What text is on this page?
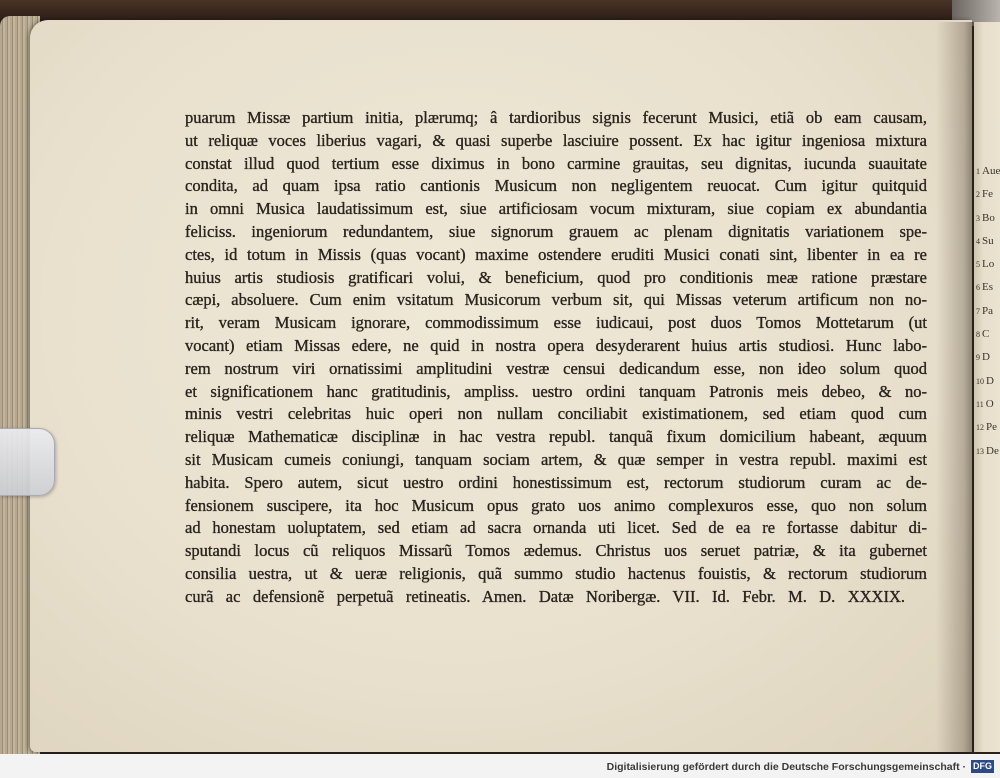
1 Aue
2 Fe
3 Bo
4 Su
5 Lo
6 Es
7 Pa
8 C
9 D
10 D
11 O
12 Pe
13 De
puarum Missæ partium initia, plærumq; â tardioribus signis fecerunt Musici, etiã ob eam causam,
ut reliquæ voces liberius vagari, & quasi superbe lasciuire possent. Ex hac igitur ingeniosa mixtura
constat illud quod tertium esse diximus in bono carmine grauitas, seu dignitas, iucunda suauitate
condita, ad quam ipsa ratio cantionis Musicum non negligentem reuocat. Cum igitur quitquid
in omni Musica laudatissimum est, siue artificiosam vocum mixturam, siue copiam ex abundantia
feliciss. ingeniorum redundantem, siue signorum grauem ac plenam dignitatis variationem spe-
ctes, id totum in Missis (quas vocant) maxime ostendere eruditi Musici conati sint, libenter in ea re
huius artis studiosis gratificari volui, & beneficium, quod pro conditionis meæ ratione præstare
cæpi, absoluere. Cum enim vsitatum Musicorum verbum sit, qui Missas veterum artificum non no-
rit, veram Musicam ignorare, commodissimum esse iudicaui, post duos Tomos Mottetarum (ut
vocant) etiam Missas edere, ne quid in nostra opera desyderarent huius artis studiosi. Hunc labo-
rem nostrum viri ornatissimi amplitudini vestræ censui dedicandum esse, non ideo solum quod
et significationem hanc gratitudinis, ampliss. uestro ordini tanquam Patronis meis debeo, & no-
minis vestri celebritas huic operi non nullam conciliabit existimationem, sed etiam quod cum
reliquæ Mathematicæ disciplinæ in hac vestra republ. tanquã fixum domicilium habeant, æquum
sit Musicam cumeis coniungi, tanquam sociam artem, & quæ semper in vestra republ. maximi est
habita. Spero autem, sicut uestro ordini honestissimum est, rectorum studiorum curam ac de-
fensionem suscipere, ita hoc Musicum opus grato uos animo complexuros esse, quo non solum
ad honestam uoluptatem, sed etiam ad sacra ornanda uti licet. Sed de ea re fortasse dabitur di-
sputandi locus cũ reliquos Missarũ Tomos ædemus. Christus uos seruet patriæ, & ita gubernet
consilia uestra, ut & ueræ religionis, quã summo studio hactenus fouistis, & rectorum studiorum
curã ac defensionẽ perpetuã retineatis. Amen. Datæ Noribergæ. VII. Id. Febr. M. D. XXXIX.
Digitalisierung gefördert durch die Deutsche Forschungsgemeinschaft · DFG
